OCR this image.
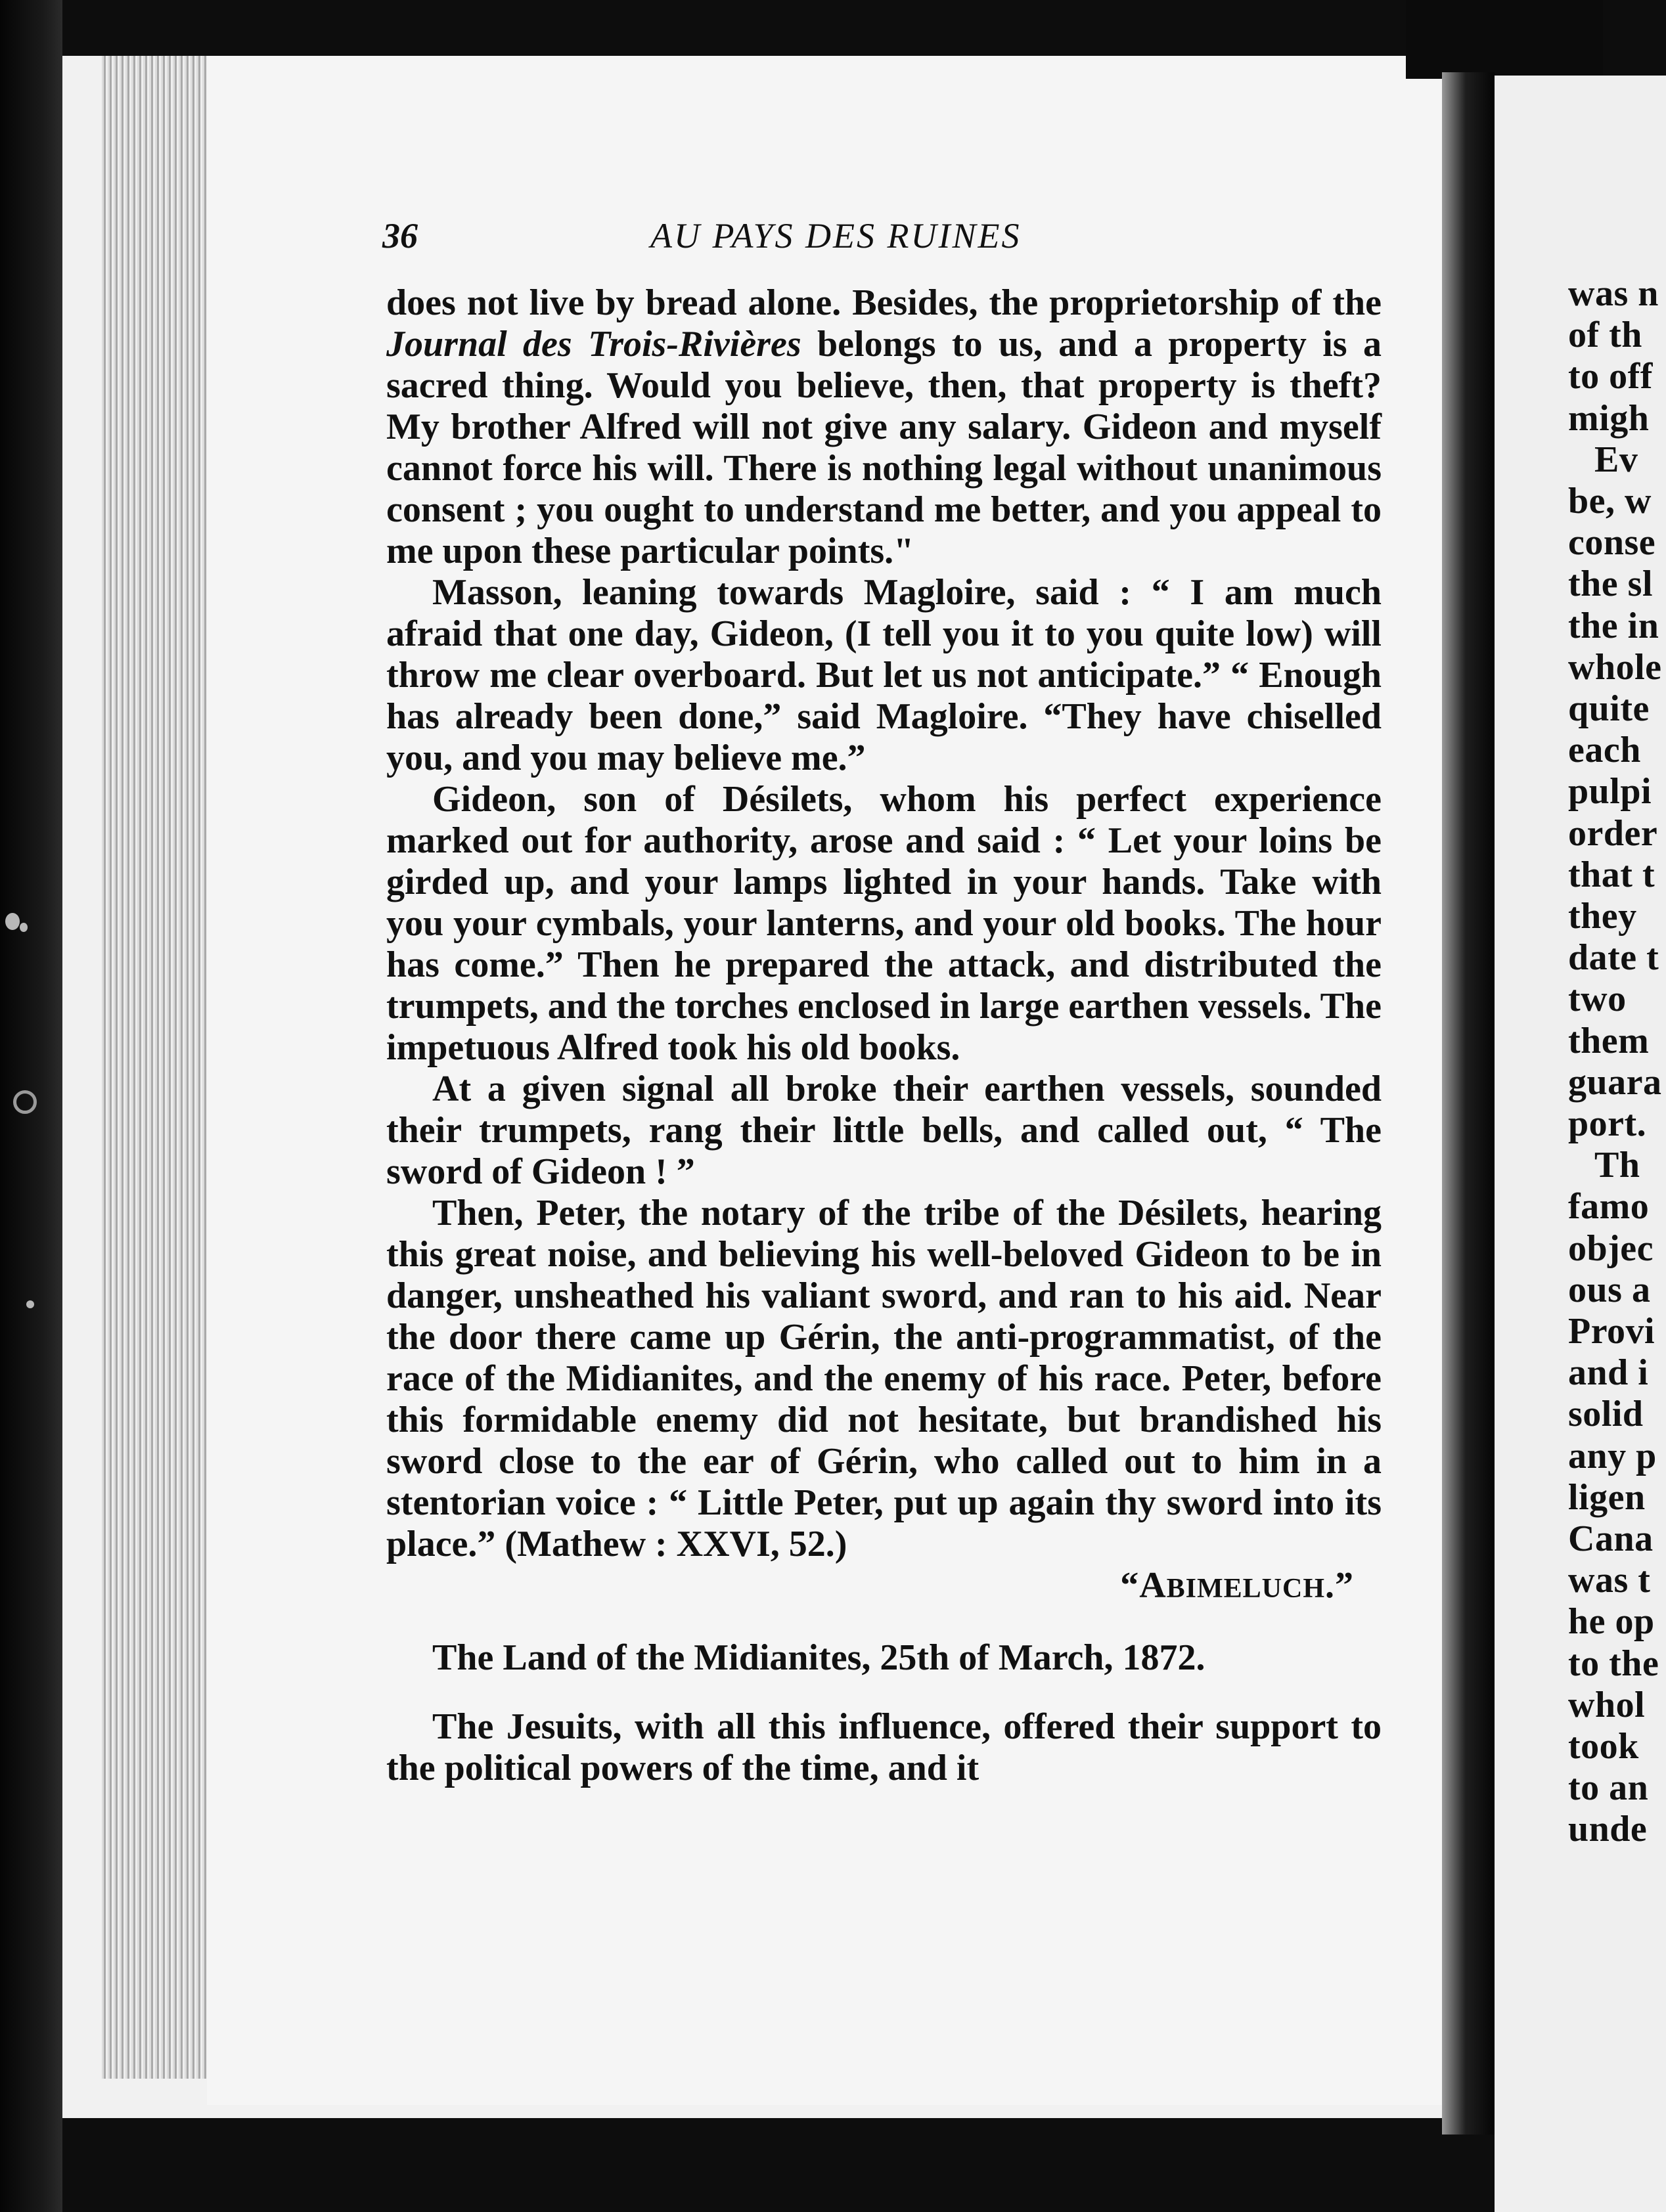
was n
of th
to off
migh
Ev
be, w
conse
the sl
the in
whole
quite
each
pulpi
order
that t
they
date t
two
them
guara
port.
Th
famo
objec
ous a
Provi
and i
solid
any p
ligen
Cana
was t
he op
to the
whol
took
to an
unde
36	AU PAYS DES RUINES

does not live by bread alone. Besides, the proprietorship of the Journal des Trois-Rivières belongs to us, and a property is a sacred thing. Would you believe, then, that property is theft? My brother Alfred will not give any salary. Gideon and myself cannot force his will. There is nothing legal without unanimous consent ; you ought to understand me better, and you appeal to me upon these particular points."

Masson, leaning towards Magloire, said : “ I am much afraid that one day, Gideon, (I tell you it to you quite low) will throw me clear overboard. But let us not anticipate.” “ Enough has already been done,” said Magloire. “They have chiselled you, and you may believe me.”

Gideon, son of Désilets, whom his perfect experience marked out for authority, arose and said : “ Let your loins be girded up, and your lamps lighted in your hands. Take with you your cymbals, your lanterns, and your old books. The hour has come.” Then he prepared the attack, and distributed the trumpets, and the torches enclosed in large earthen vessels. The impetuous Alfred took his old books.

At a given signal all broke their earthen vessels, sounded their trumpets, rang their little bells, and called out, “ The sword of Gideon ! ”

Then, Peter, the notary of the tribe of the Désilets, hearing this great noise, and believing his well-beloved Gideon to be in danger, unsheathed his valiant sword, and ran to his aid. Near the door there came up Gérin, the anti-programmatist, of the race of the Midianites, and the enemy of his race. Peter, before this formidable enemy did not hesitate, but brandished his sword close to the ear of Gérin, who called out to him in a stentorian voice : “ Little Peter, put up again thy sword into its place.” (Mathew : XXVI, 52.)

“ABIMELUCH.”

The Land of the Midianites, 25th of March, 1872.

The Jesuits, with all this influence, offered their support to the political powers of the time, and it
